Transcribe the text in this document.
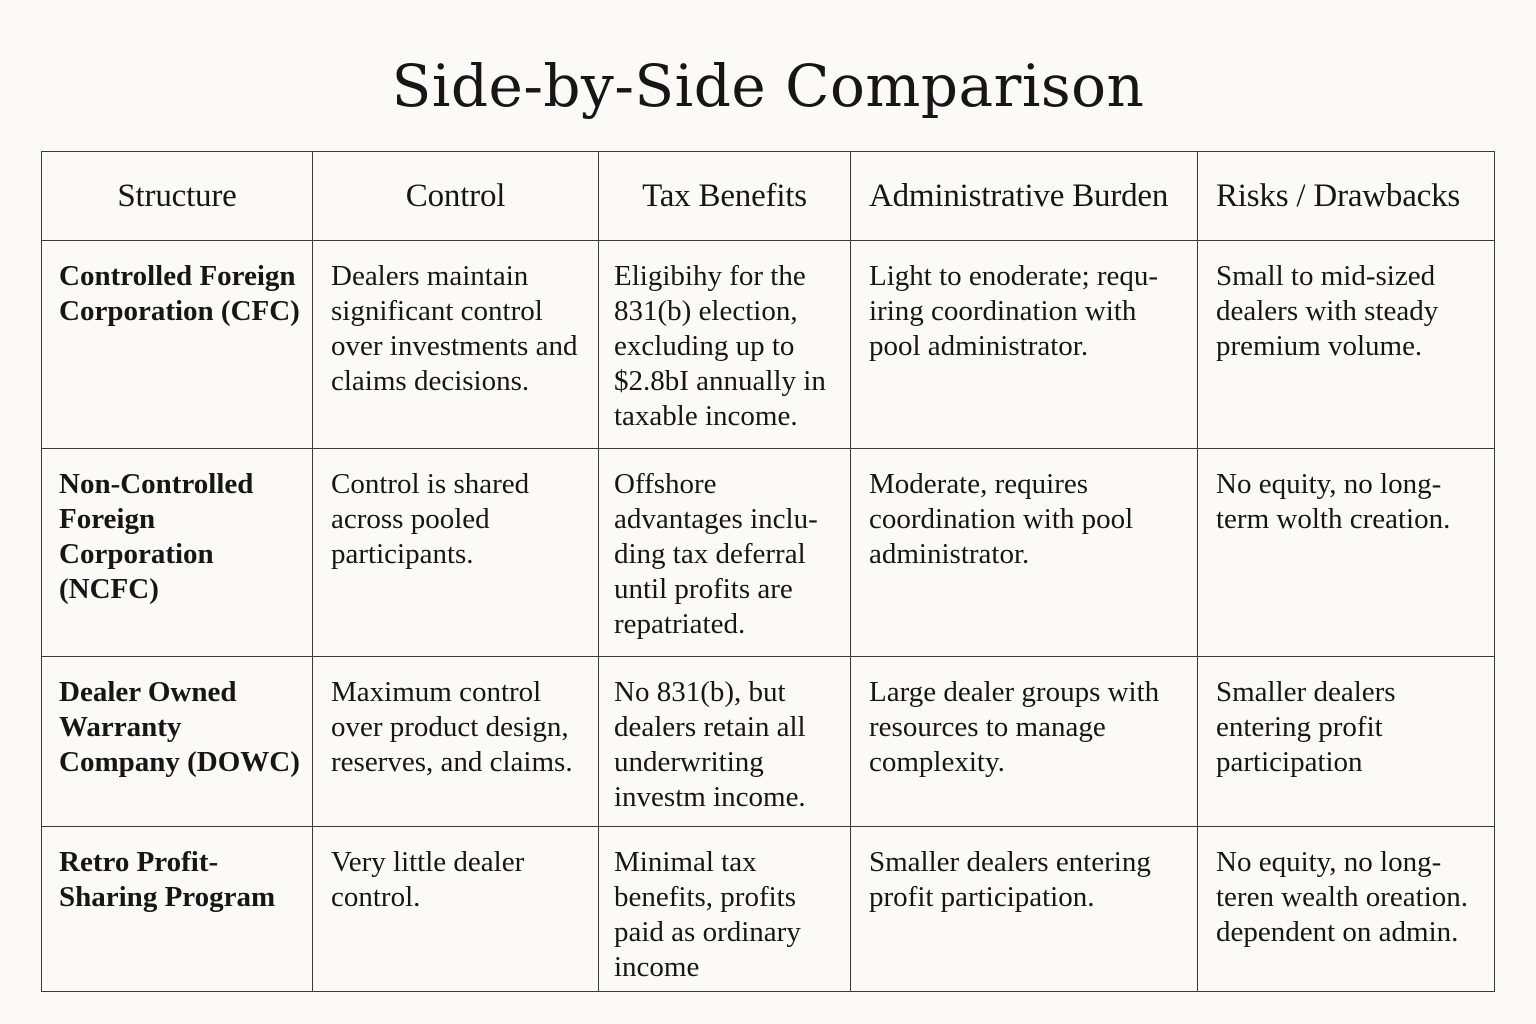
Side-by-Side Comparison
Structure	Control	Tax Benefits	Administrative Burden	Risks / Drawbacks
Controlled Foreign Corporation (CFC)	Dealers maintain significant control over investments and claims decisions.	Eligibihy for the 831(b) election, excluding up to $2.8bI annually in taxable income.	Light to enoderate; requ-iring coordination with pool administrator.	Small to mid-sized dealers with steady premium volume.
Non-Controlled Foreign Corporation (NCFC)	Control is shared across pooled participants.	Offshore advantages inclu-ding tax deferral until profits are repatriated.	Moderate, requires coordination with pool administrator.	No equity, no long-term wolth creation.
Dealer Owned Warranty Company (DOWC)	Maximum control over product design, reserves, and claims.	No 831(b), but dealers retain all underwriting investm income.	Large dealer groups with resources to manage complexity.	Smaller dealers entering profit participation
Retro Profit-Sharing Program	Very little dealer control.	Minimal tax benefits, profits paid as ordinary income	Smaller dealers entering profit participation.	No equity, no long-teren wealth oreation. dependent on admin.
